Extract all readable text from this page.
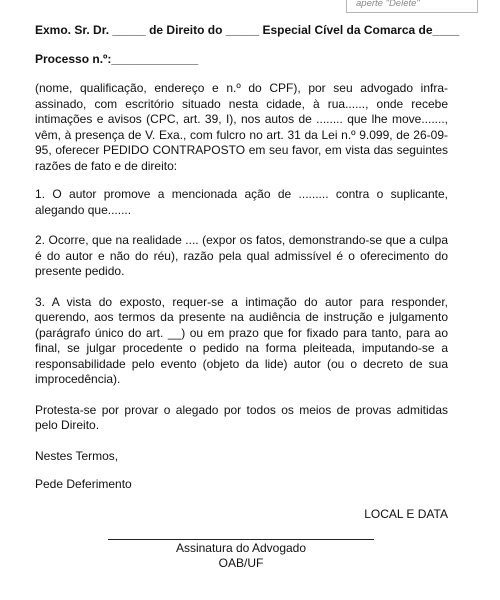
aperte "Delete"

Exmo. Sr. Dr. _____ de Direito do _____ Especial Cível da Comarca de____

Processo n.º:_____________

(nome, qualificação, endereço e n.º do CPF), por seu advogado infra-assinado, com escritório situado nesta cidade, à rua......, onde recebe intimações e avisos (CPC, art. 39, I), nos autos de ........ que lhe move......., vêm, à presença de V. Exa., com fulcro no art. 31 da Lei n.º 9.099, de 26-09-95, oferecer PEDIDO CONTRAPOSTO em seu favor, em vista das seguintes razões de fato e de direito:

1. O autor promove a mencionada ação de ......... contra o suplicante, alegando que.......

2. Ocorre, que na realidade .... (expor os fatos, demonstrando-se que a culpa é do autor e não do réu), razão pela qual admissível é o oferecimento do presente pedido.

3. A vista do exposto, requer-se a intimação do autor para responder, querendo, aos termos da presente na audiência de instrução e julgamento (parágrafo único do art. __) ou em prazo que for fixado para tanto, para ao final, se julgar procedente o pedido na forma pleiteada, imputando-se a responsabilidade pelo evento (objeto da lide) autor (ou o decreto de sua improcedência).

Protesta-se por provar o alegado por todos os meios de provas admitidas pelo Direito.

Nestes Termos,

Pede Deferimento

LOCAL E DATA

Assinatura do Advogado
OAB/UF
